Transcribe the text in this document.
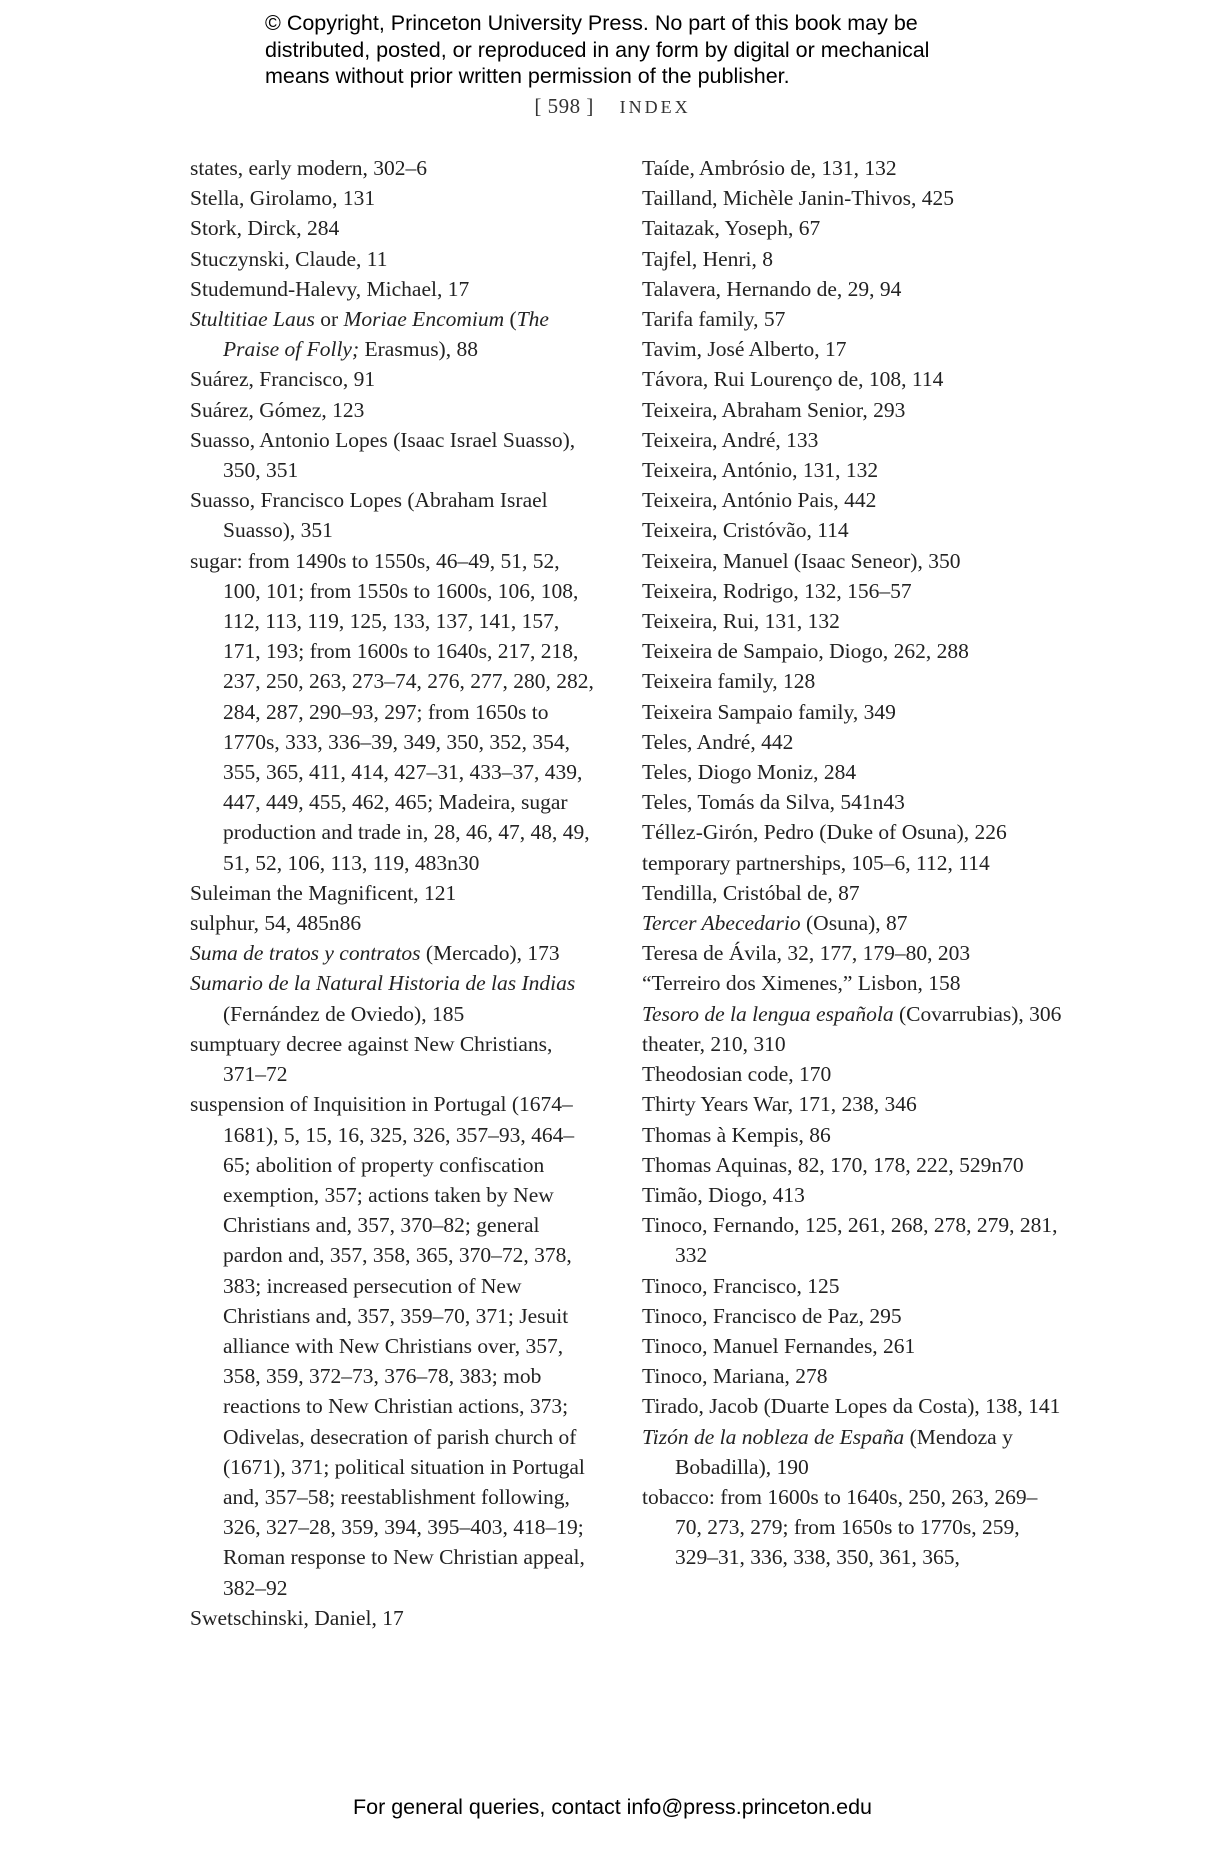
© Copyright, Princeton University Press. No part of this book may be
distributed, posted, or reproduced in any form by digital or mechanical
means without prior written permission of the publisher.
[ 598 ] INDEX
states, early modern, 302–6
Stella, Girolamo, 131
Stork, Dirck, 284
Stuczynski, Claude, 11
Studemund-Halevy, Michael, 17
Stultitiae Laus or Moriae Encomium (The Praise of Folly; Erasmus), 88
Suárez, Francisco, 91
Suárez, Gómez, 123
Suasso, Antonio Lopes (Isaac Israel Suasso), 350, 351
Suasso, Francisco Lopes (Abraham Israel Suasso), 351
sugar: from 1490s to 1550s, 46–49, 51, 52, 100, 101; from 1550s to 1600s, 106, 108, 112, 113, 119, 125, 133, 137, 141, 157, 171, 193; from 1600s to 1640s, 217, 218, 237, 250, 263, 273–74, 276, 277, 280, 282, 284, 287, 290–93, 297; from 1650s to 1770s, 333, 336–39, 349, 350, 352, 354, 355, 365, 411, 414, 427–31, 433–37, 439, 447, 449, 455, 462, 465; Madeira, sugar production and trade in, 28, 46, 47, 48, 49, 51, 52, 106, 113, 119, 483n30
Suleiman the Magnificent, 121
sulphur, 54, 485n86
Suma de tratos y contratos (Mercado), 173
Sumario de la Natural Historia de las Indias (Fernández de Oviedo), 185
sumptuary decree against New Christians, 371–72
suspension of Inquisition in Portugal (1674–1681), 5, 15, 16, 325, 326, 357–93, 464–65; abolition of property confiscation exemption, 357; actions taken by New Christians and, 357, 370–82; general pardon and, 357, 358, 365, 370–72, 378, 383; increased persecution of New Christians and, 357, 359–70, 371; Jesuit alliance with New Christians over, 357, 358, 359, 372–73, 376–78, 383; mob reactions to New Christian actions, 373; Odivelas, desecration of parish church of (1671), 371; political situation in Portugal and, 357–58; reestablishment following, 326, 327–28, 359, 394, 395–403, 418–19; Roman response to New Christian appeal, 382–92
Swetschinski, Daniel, 17
Taíde, Ambrósio de, 131, 132
Tailland, Michèle Janin-Thivos, 425
Taitazak, Yoseph, 67
Tajfel, Henri, 8
Talavera, Hernando de, 29, 94
Tarifa family, 57
Tavim, José Alberto, 17
Távora, Rui Lourenço de, 108, 114
Teixeira, Abraham Senior, 293
Teixeira, André, 133
Teixeira, António, 131, 132
Teixeira, António Pais, 442
Teixeira, Cristóvão, 114
Teixeira, Manuel (Isaac Seneor), 350
Teixeira, Rodrigo, 132, 156–57
Teixeira, Rui, 131, 132
Teixeira de Sampaio, Diogo, 262, 288
Teixeira family, 128
Teixeira Sampaio family, 349
Teles, André, 442
Teles, Diogo Moniz, 284
Teles, Tomás da Silva, 541n43
Téllez-Girón, Pedro (Duke of Osuna), 226
temporary partnerships, 105–6, 112, 114
Tendilla, Cristóbal de, 87
Tercer Abecedario (Osuna), 87
Teresa de Ávila, 32, 177, 179–80, 203
“Terreiro dos Ximenes,” Lisbon, 158
Tesoro de la lengua española (Covarrubias), 306
theater, 210, 310
Theodosian code, 170
Thirty Years War, 171, 238, 346
Thomas à Kempis, 86
Thomas Aquinas, 82, 170, 178, 222, 529n70
Timão, Diogo, 413
Tinoco, Fernando, 125, 261, 268, 278, 279, 281, 332
Tinoco, Francisco, 125
Tinoco, Francisco de Paz, 295
Tinoco, Manuel Fernandes, 261
Tinoco, Mariana, 278
Tirado, Jacob (Duarte Lopes da Costa), 138, 141
Tizón de la nobleza de España (Mendoza y Bobadilla), 190
tobacco: from 1600s to 1640s, 250, 263, 269–70, 273, 279; from 1650s to 1770s, 259, 329–31, 336, 338, 350, 361, 365,
For general queries, contact info@press.princeton.edu
